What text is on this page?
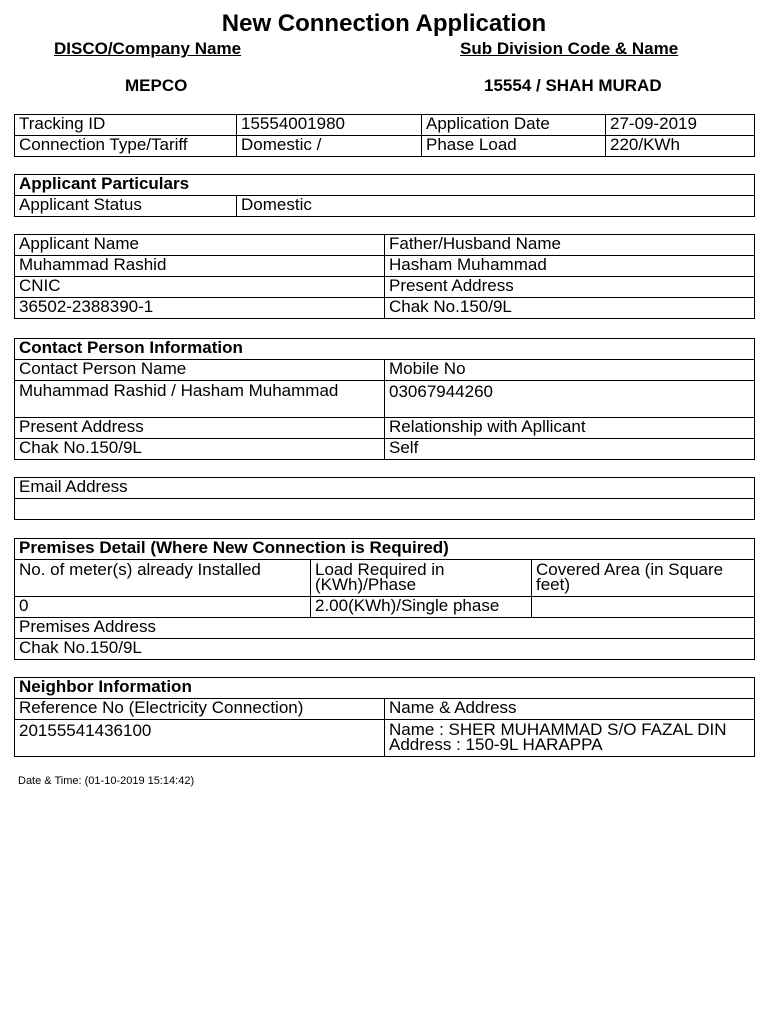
New Connection Application
DISCO/Company Name	Sub Division Code & Name
MEPCO	15554 / SHAH MURAD
Tracking ID	15554001980	Application Date	27-09-2019
Connection Type/Tariff	Domestic /	Phase Load	220/KWh
Applicant Particulars
Applicant Status	Domestic
Applicant Name	Father/Husband Name
Muhammad Rashid	Hasham Muhammad
CNIC	Present Address
36502-2388390-1	Chak No.150/9L
Contact Person Information	
Contact Person Name	Mobile No
Muhammad Rashid / Hasham Muhammad	03067944260
Present Address	Relationship with Apllicant
Chak No.150/9L	Self
Email Address

Premises Detail (Where New Connection is Required)		
No. of meter(s) already Installed	Load Required in (KWh)/Phase	Covered Area (in Square feet)
0	2.00(KWh)/Single phase	
Premises Address		
Chak No.150/9L		
Neighbor Information	
Reference No (Electricity Connection)	Name & Address
20155541436100	Name : SHER MUHAMMAD S/O FAZAL DIN Address : 150-9L HARAPPA
Date & Time: (01-10-2019 15:14:42)
